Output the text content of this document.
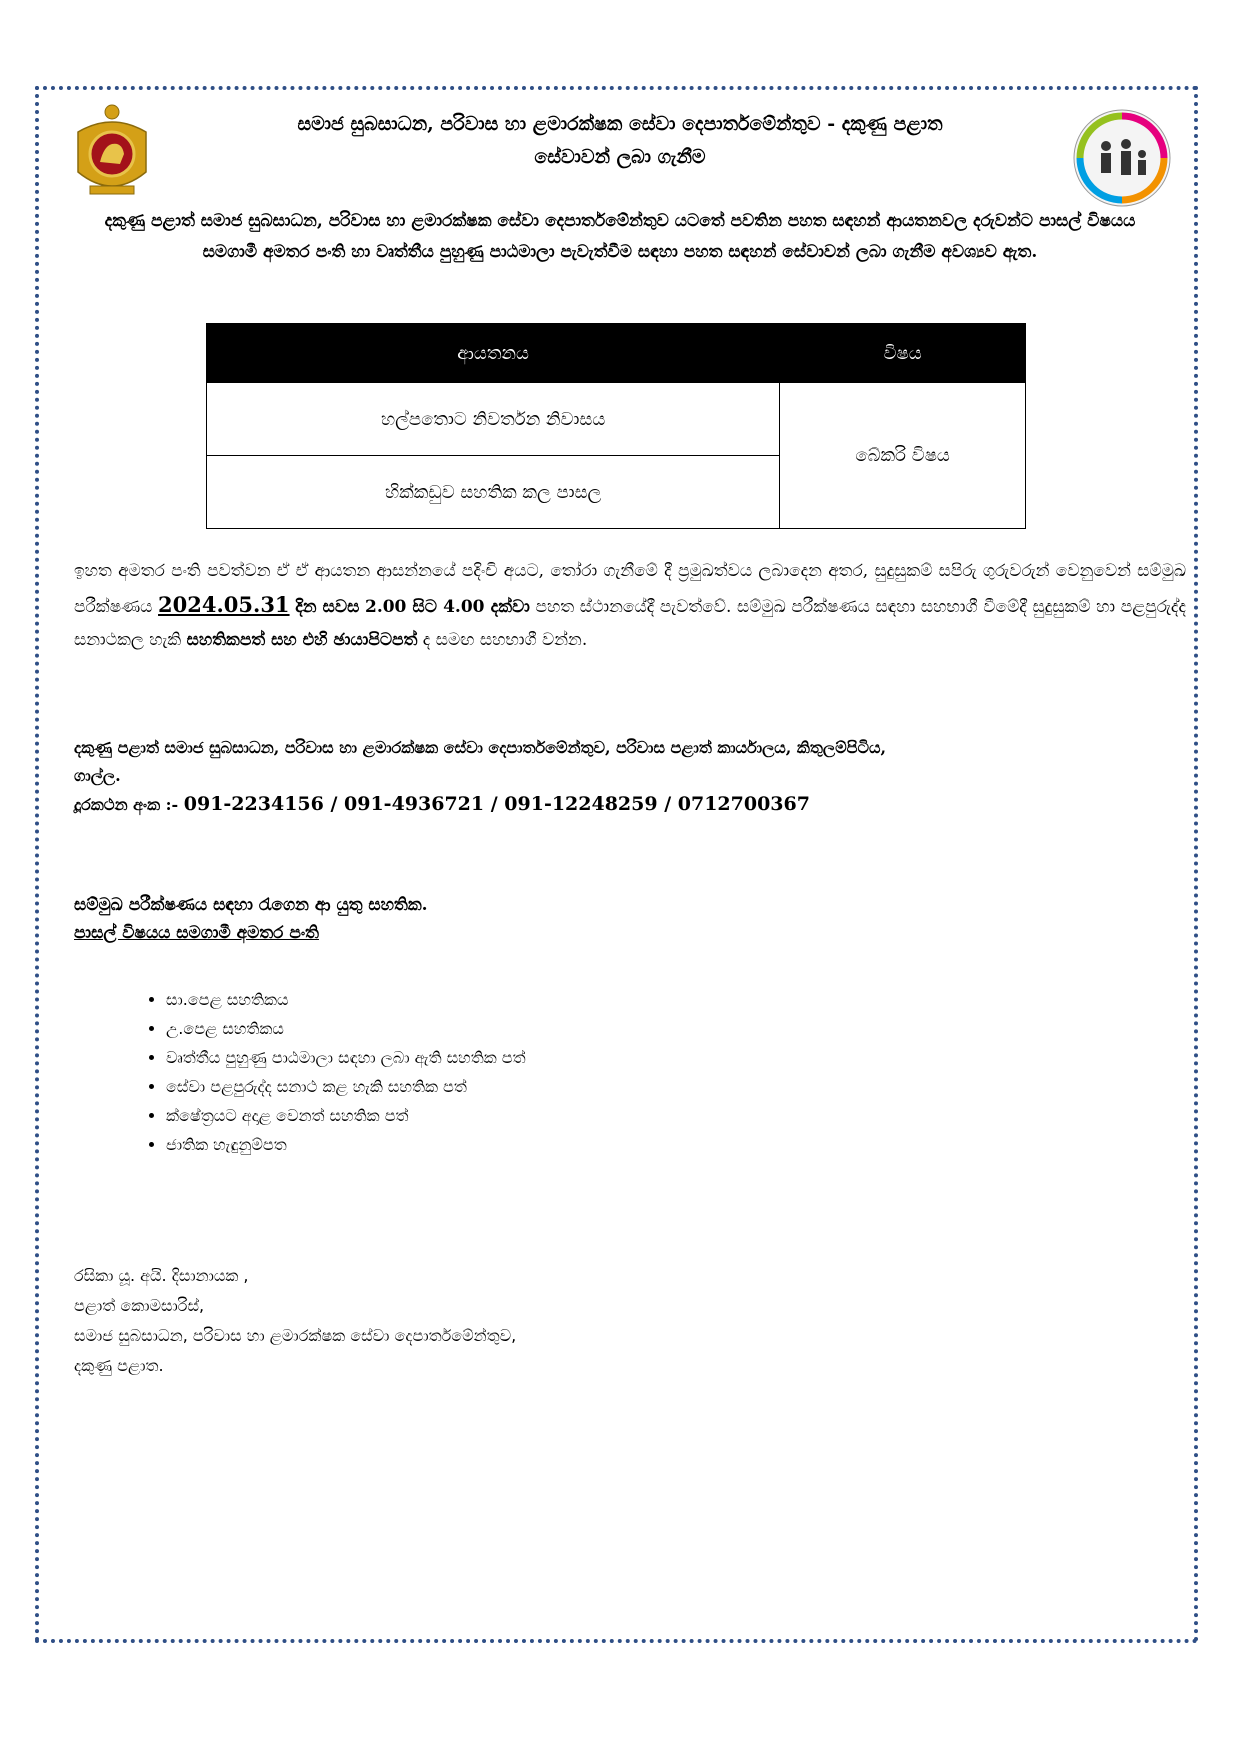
සමාජ සුබසාධන, පරිවාස හා ළමාරක්ෂක සේවා දෙපාර්තමේන්තුව - දකුණු පළාත
සේවාවන් ලබා ගැනීම
දකුණු පළාත් සමාජ සුබසාධන, පරිවාස හා ළමාරක්ෂක සේවා දෙපාර්තමේන්තුව යටතේ පවතින පහත සඳහන් ආයතනවල දරුවන්ට පාසල් විෂයය සමගාමී අමතර පංති හා වෘත්තීය පුහුණු පාඨමාලා පැවැත්වීම සඳහා පහත සඳහන් සේවාවන් ලබා ගැනීම අවශ්‍යව ඇත.
ආයතනය	විෂය
හල්පතොට නිවර්තන නිවාසය	බේකරි විෂය
හික්කඩුව සහතික කල පාසල	
ඉහත අමතර පංති පවත්වන ඒ ඒ ආයතන ආසන්නයේ පදිංචි අයට, තෝරා ගැනීමේ දී ප්‍රමුඛත්වය ලබාදෙන අතර, සුදුසුකම් සපිරු ගුරුවරුන් වෙනුවෙන් සම්මුඛ පරීක්ෂණය 2024.05.31 දින සවස 2.00 සිට 4.00 දක්වා පහත ස්ථානයේදී පැවත්වේ. සම්මුඛ පරීක්ෂණය සඳහා සහභාගී වීමේදී සුදුසුකම් හා පළපුරුද්ද සනාථකල හැකි සහතිකපත් සහ එහි ඡායාපිටපත් ද සමඟ සහභාගී වන්න.
දකුණු පළාත් සමාජ සුබසාධන, පරිවාස හා ළමාරක්ෂක සේවා දෙපාර්තමේන්තුව, පරිවාස පළාත් කාර්යාලය, කිතුලම්පිටිය,
ගාල්ල.
දූරකථන අංක :- 091-2234156 / 091-4936721 / 091-12248259 / 0712700367
සම්මුඛ පරීක්ෂණය සඳහා රැගෙන ආ යුතු සහතික.
පාසල් විෂයය සමගාමී අමතර පංති
• සා.පෙළ සහතිකය
• උ.පෙළ සහතිකය
• වෘත්තීය පුහුණු පාඨමාලා සඳහා ලබා ඇති සහතික පත්
• සේවා පළපුරුද්ද සනාථ කළ හැකි සහතික පත්
• ක්ෂේත්‍රයට අදාළ වෙනත් සහතික පත්
• ජාතික හැඳුනුම්පත
රසිකා යූ. අයි. දිසානායක ,
පළාත් කොමසාරිස්,
සමාජ සුබසාධන, පරිවාස හා ළමාරක්ෂක සේවා දෙපාර්තමේන්තුව,
දකුණු පළාත.
